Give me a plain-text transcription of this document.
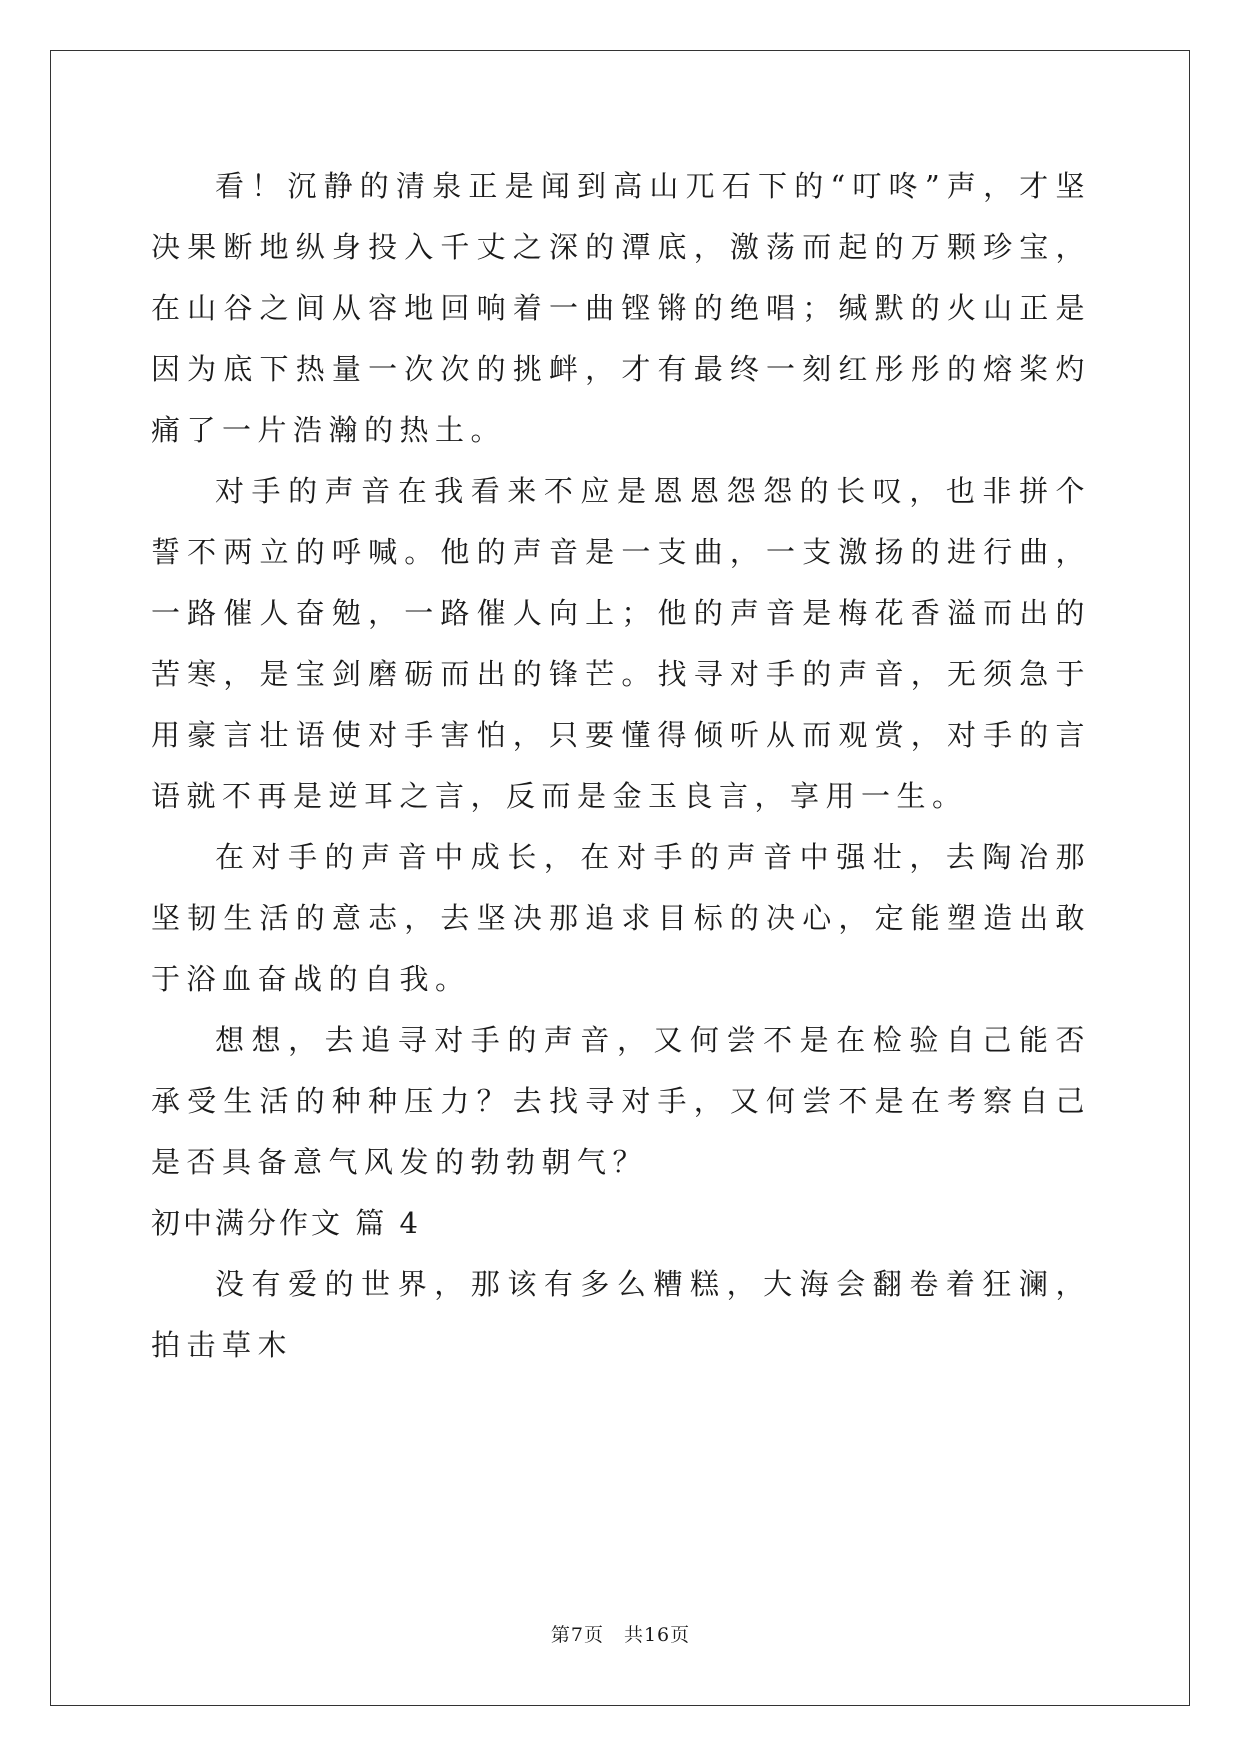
看！沉静的清泉正是闻到高山兀石下的“叮咚”声，才坚决果断地纵身投入千丈之深的潭底，激荡而起的万颗珍宝，在山谷之间从容地回响着一曲铿锵的绝唱；缄默的火山正是因为底下热量一次次的挑衅，才有最终一刻红彤彤的熔桨灼痛了一片浩瀚的热土。

对手的声音在我看来不应是恩恩怨怨的长叹，也非拼个誓不两立的呼喊。他的声音是一支曲，一支激扬的进行曲，一路催人奋勉，一路催人向上；他的声音是梅花香溢而出的苦寒，是宝剑磨砺而出的锋芒。找寻对手的声音，无须急于用豪言壮语使对手害怕，只要懂得倾听从而观赏，对手的言语就不再是逆耳之言，反而是金玉良言，享用一生。

在对手的声音中成长，在对手的声音中强壮，去陶冶那坚韧生活的意志，去坚决那追求目标的决心，定能塑造出敢于浴血奋战的自我。

想想，去追寻对手的声音，又何尝不是在检验自己能否承受生活的种种压力？去找寻对手，又何尝不是在考察自己是否具备意气风发的勃勃朝气？

初中满分作文 篇 4

没有爱的世界，那该有多么糟糕，大海会翻卷着狂澜，拍击草木

第7页　共16页
